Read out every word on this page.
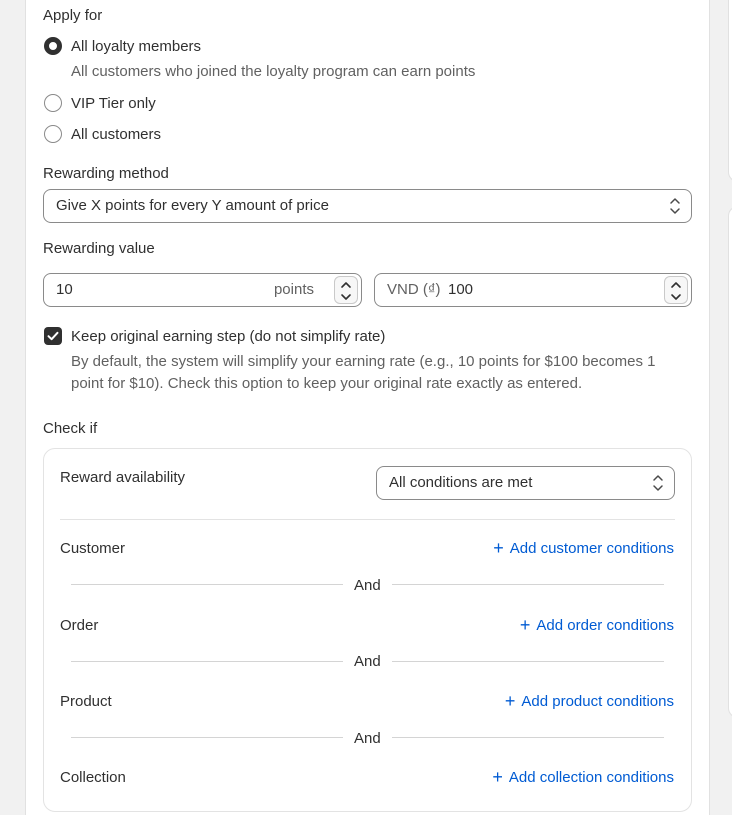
Apply for
All loyalty members
All customers who joined the loyalty program can earn points
VIP Tier only
All customers
Rewarding method
Give X points for every Y amount of price
Rewarding value
10	points	VND (₫) 100
Keep original earning step (do not simplify rate)
By default, the system will simplify your earning rate (e.g., 10 points for $100 becomes 1
point for $10). Check this option to keep your original rate exactly as entered.
Check if
Reward availability	All conditions are met
Customer	+ Add customer conditions
And
Order	+ Add order conditions
And
Product	+ Add product conditions
And
Collection	+ Add collection conditions
